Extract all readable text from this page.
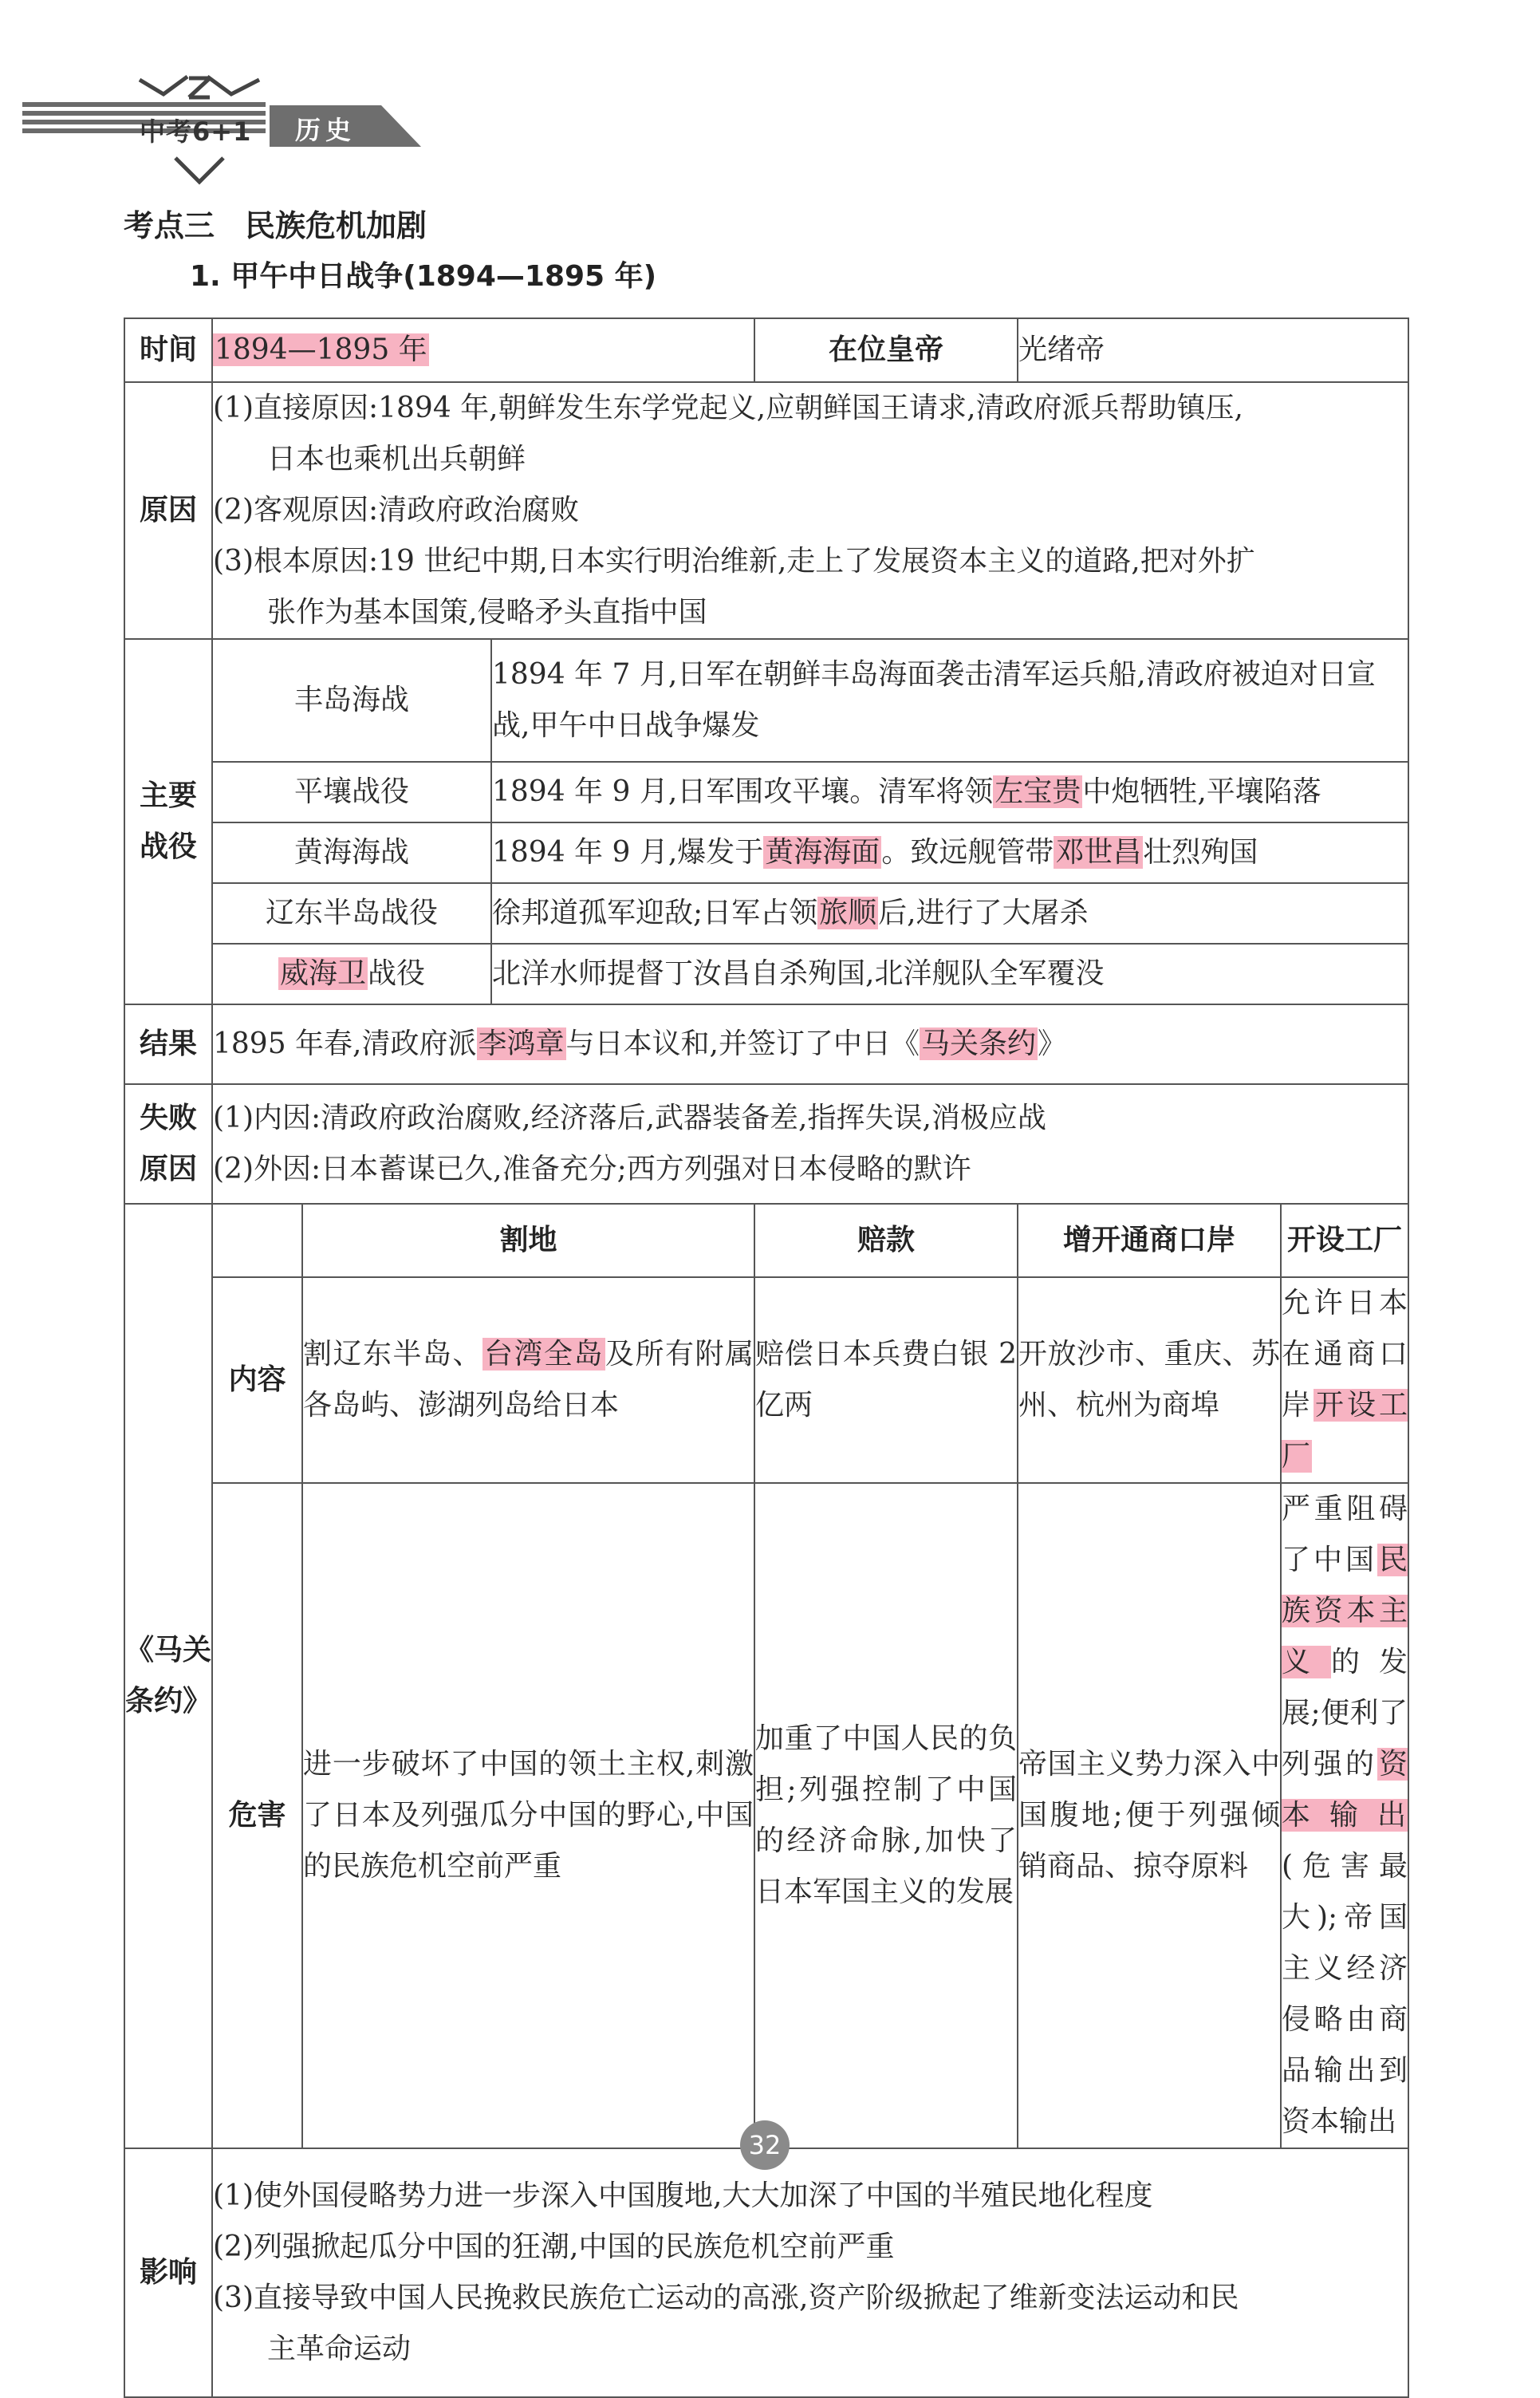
中考6+1 历史
考点三　民族危机加剧
1. 甲午中日战争(1894—1895 年)
时间	1894—1895 年			在位皇帝	光绪帝	
原因	(1)直接原因:1894 年,朝鲜发生东学党起义,应朝鲜国王请求,清政府派兵帮助镇压,
日本也乘机出兵朝鲜
(2)客观原因:清政府政治腐败
(3)根本原因:19 世纪中期,日本实行明治维新,走上了发展资本主义的道路,把对外扩
张作为基本国策,侵略矛头直指中国					

主要战役	丰岛海战		1894 年 7 月,日军在朝鲜丰岛海面袭击清军运兵船,清政府被迫对日宣战,甲午中日战争爆发			
	平壤战役		1894 年 9 月,日军围攻平壤。清军将领左宝贵中炮牺牲,平壤陷落			
	黄海海战		1894 年 9 月,爆发于黄海海面。致远舰管带邓世昌壮烈殉国			
	辽东半岛战役		徐邦道孤军迎敌;日军占领旅顺后,进行了大屠杀			
	威海卫战役		北洋水师提督丁汝昌自杀殉国,北洋舰队全军覆没			
结果	1895 年春,清政府派李鸿章与日本议和,并签订了中日《马关条约》					

失败原因	(1)内因:清政府政治腐败,经济落后,武器装备差,指挥失误,消极应战
(2)外因:日本蓄谋已久,准备充分;西方列强对日本侵略的默许					

《马关条约》		割地		赔款	增开通商口岸	开设工厂
	内容	割辽东半岛、台湾全岛及所有附属各岛屿、澎湖列岛给日本		赔偿日本兵费白银 2 亿两	开放沙市、重庆、苏州、杭州为商埠	允许日本在通商口岸开设工厂
	危害	进一步破坏了中国的领土主权,刺激了日本及列强瓜分中国的野心,中国的民族危机空前严重		加重了中国人民的负担;列强控制了中国的经济命脉,加快了日本军国主义的发展	帝国主义势力深入中国腹地;便于列强倾销商品、掠夺原料	严重阻碍了中国民族资本主义的发展;便利了列强的资本输出(危害最大);帝国主义经济侵略由商品输出到资本输出
影响	(1)使外国侵略势力进一步深入中国腹地,大大加深了中国的半殖民地化程度
(2)列强掀起瓜分中国的狂潮,中国的民族危机空前严重
(3)直接导致中国人民挽救民族危亡运动的高涨,资产阶级掀起了维新变法运动和民
主革命运动					
32
